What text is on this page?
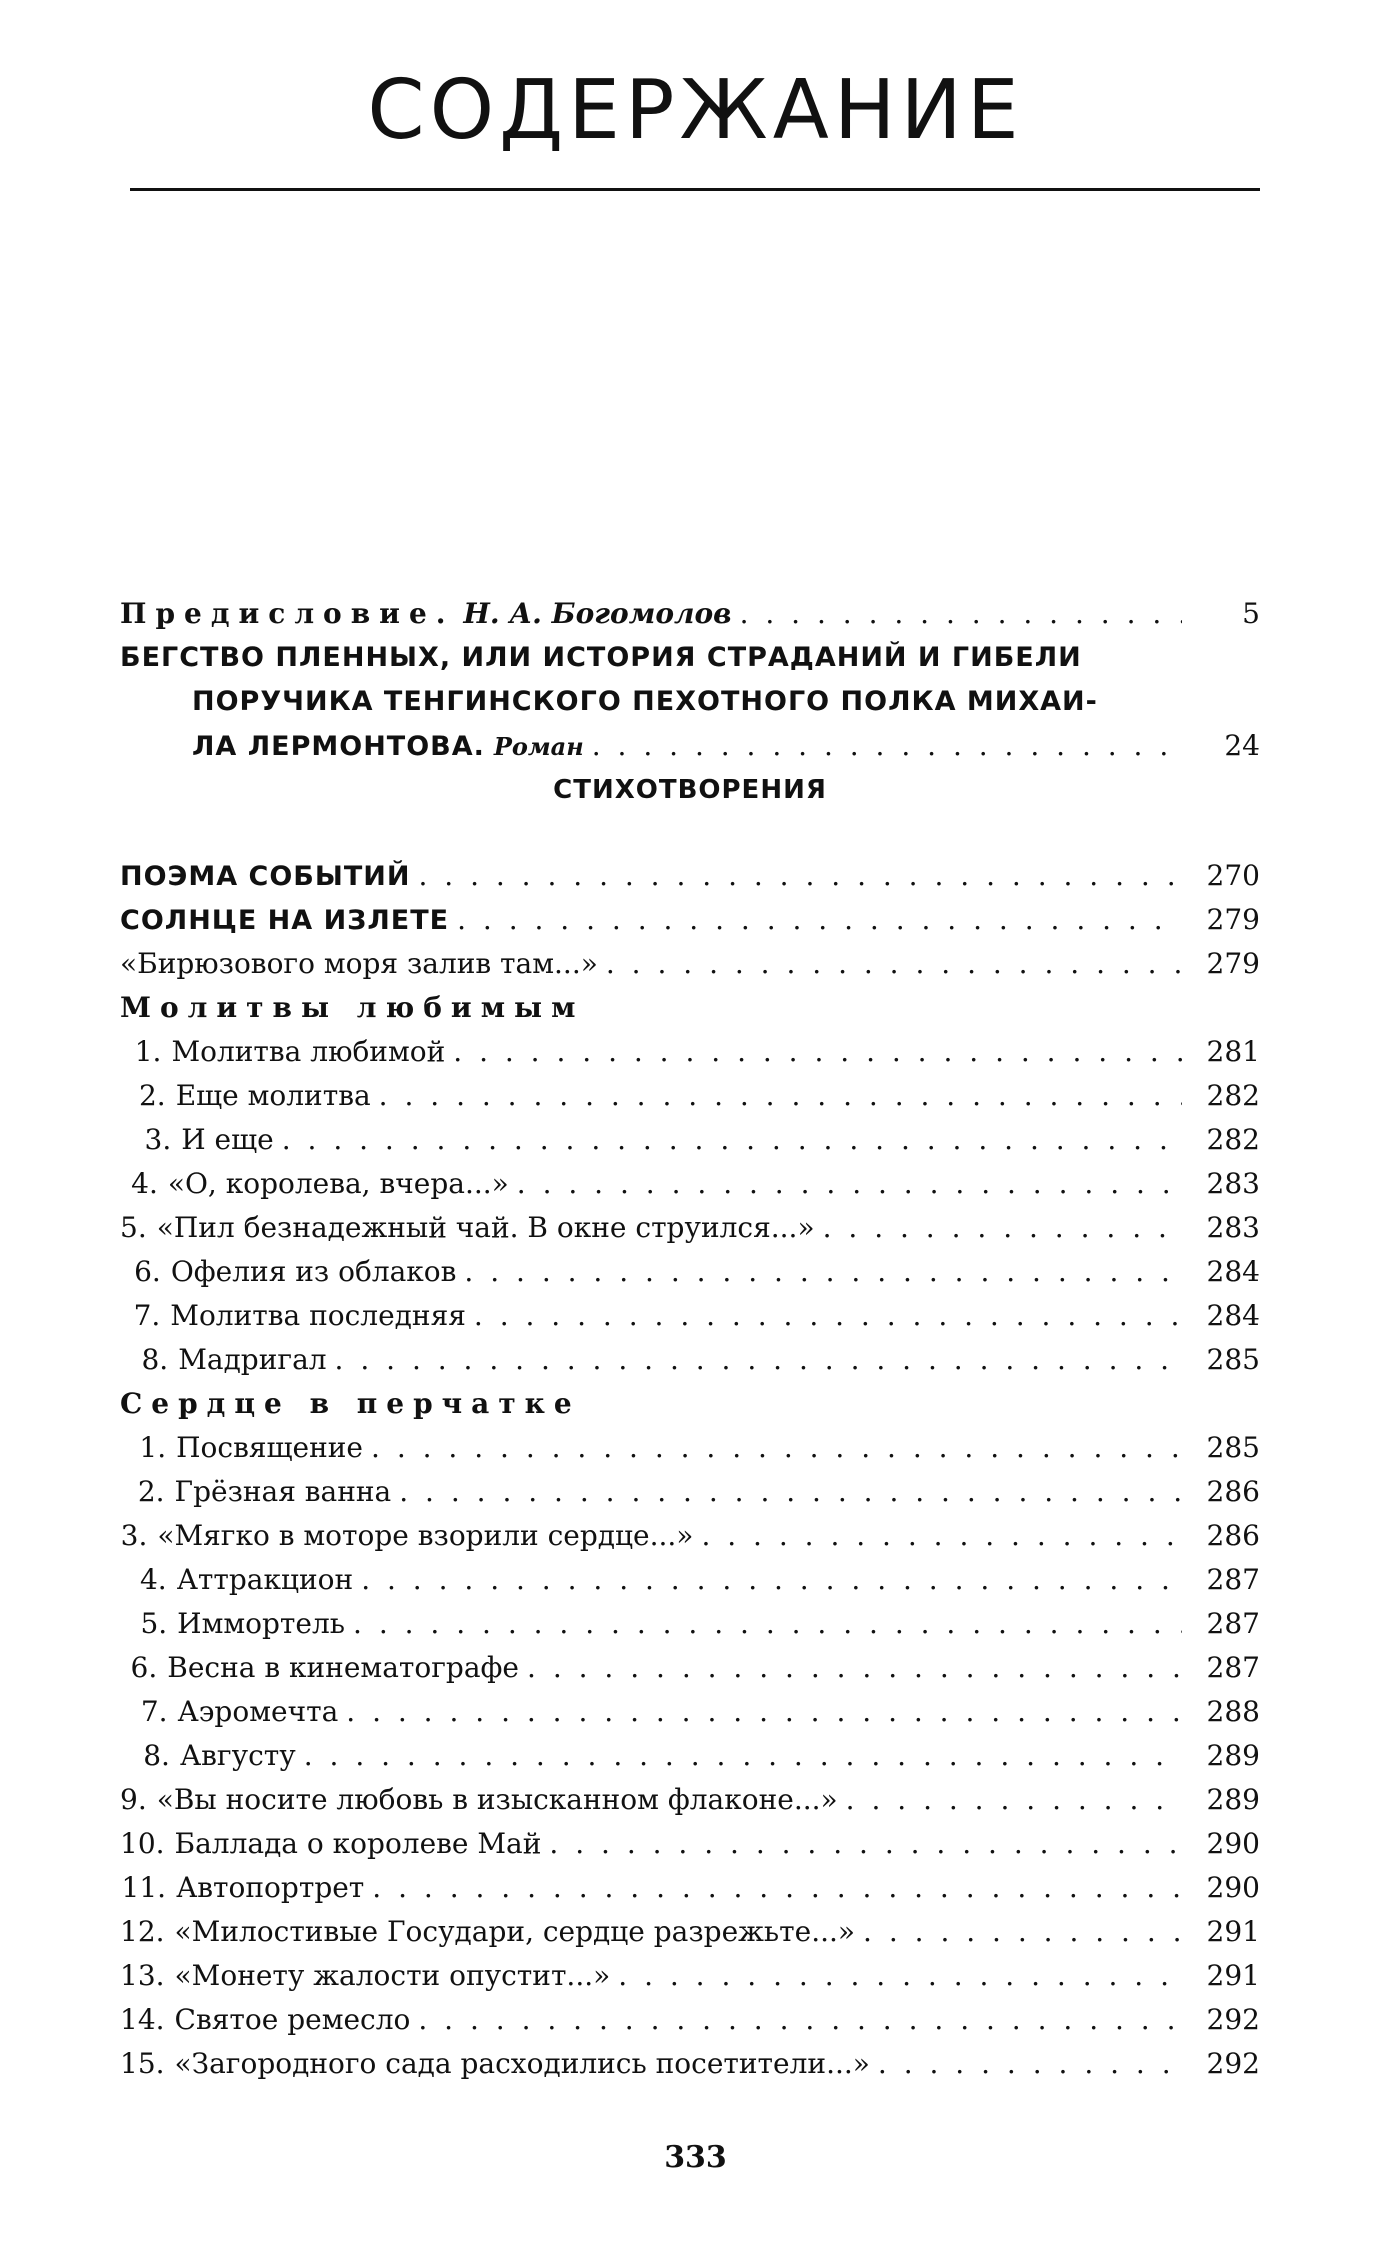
СОДЕРЖАНИЕ
Предисловие. Н. А. Богомолов . . .	5
БЕГСТВО ПЛЕННЫХ, ИЛИ ИСТОРИЯ СТРАДАНИЙ И ГИБЕЛИ
ПОРУЧИКА ТЕНГИНСКОГО ПЕХОТНОГО ПОЛКА МИХАИ-
ЛА ЛЕРМОНТОВА. Роман . . .	24
СТИХОТВОРЕНИЯ
ПОЭМА СОБЫТИЙ . . .	270
СОЛНЦЕ НА ИЗЛЕТЕ . . .	279
«Бирюзового моря залив там...» . . .	279
Молитвы любимым
1. Молитва любимой . . .	281
2. Еще молитва . . .	282
3. И еще . . .	282
4. «О, королева, вчера...» . . .	283
5. «Пил безнадежный чай. В окне струился...» . . .	283
6. Офелия из облаков . . .	284
7. Молитва последняя . . .	284
8. Мадригал . . .	285
Сердце в перчатке
1. Посвящение . . .	285
2. Грёзная ванна . . .	286
3. «Мягко в моторе взорили сердце...» . . .	286
4. Аттракцион . . .	287
5. Иммортель . . .	287
6. Весна в кинематографе . . .	287
7. Аэромечта . . .	288
8. Августу . . .	289
9. «Вы носите любовь в изысканном флаконе...» . . .	289
10. Баллада о королеве Май . . .	290
11. Автопортрет . . .	290
12. «Милостивые Государи, сердце разрежьте...» . . .	291
13. «Монету жалости опустит...» . . .	291
14. Святое ремесло . . .	292
15. «Загородного сада расходились посетители...» . . .	292
333
